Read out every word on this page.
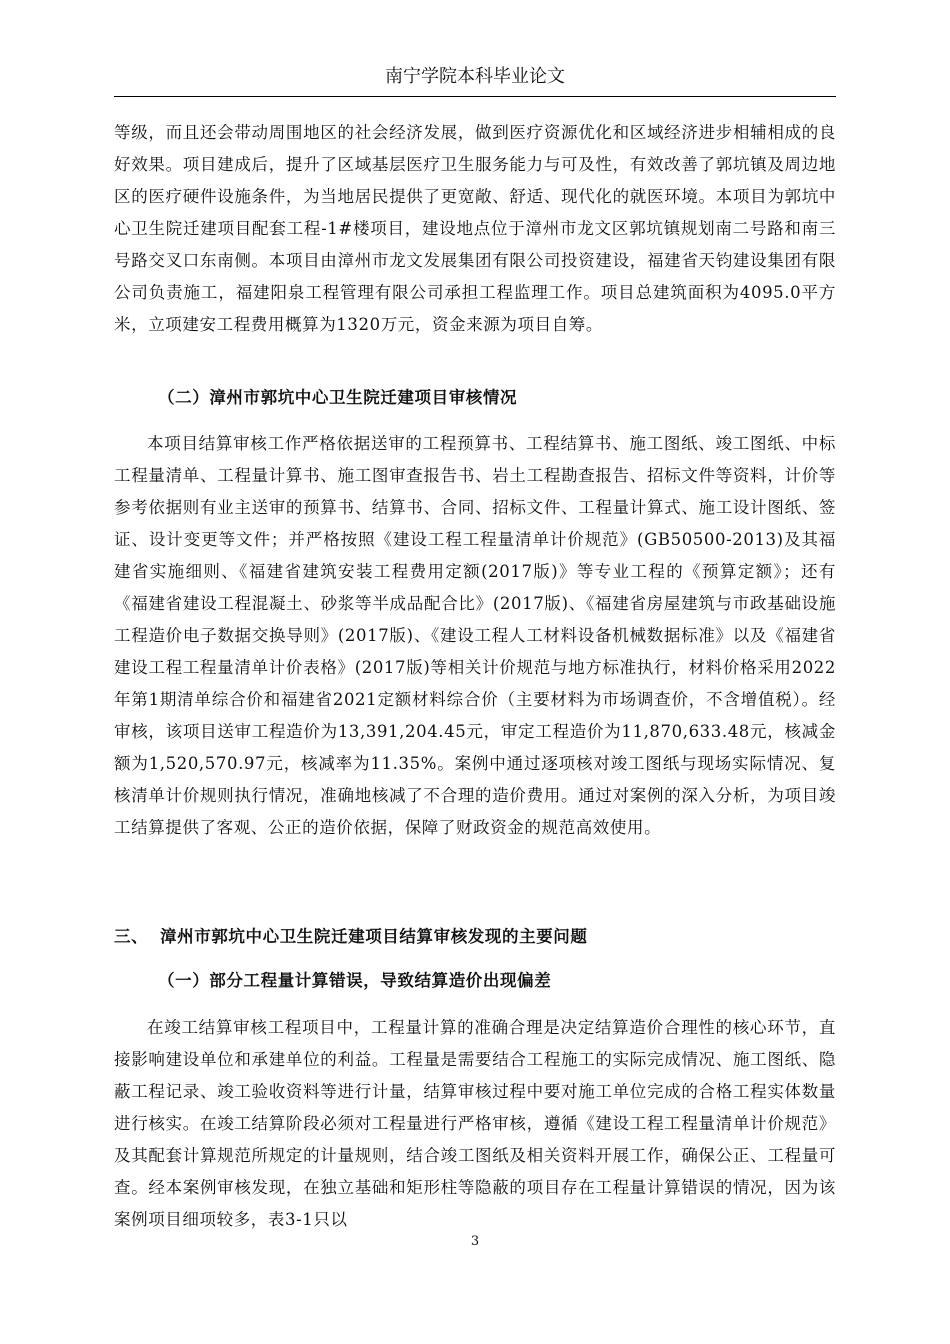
南宁学院本科毕业论文

等级，而且还会带动周围地区的社会经济发展，做到医疗资源优化和区域经济进步相辅相成的良好效果。项目建成后，提升了区域基层医疗卫生服务能力与可及性，有效改善了郭坑镇及周边地区的医疗硬件设施条件，为当地居民提供了更宽敞、舒适、现代化的就医环境。本项目为郭坑中心卫生院迁建项目配套工程-1#楼项目，建设地点位于漳州市龙文区郭坑镇规划南二号路和南三号路交叉口东南侧。本项目由漳州市龙文发展集团有限公司投资建设，福建省天钧建设集团有限公司负责施工，福建阳泉工程管理有限公司承担工程监理工作。项目总建筑面积为4095.0平方米，立项建安工程费用概算为1320万元，资金来源为项目自筹。

（二）漳州市郭坑中心卫生院迁建项目审核情况

本项目结算审核工作严格依据送审的工程预算书、工程结算书、施工图纸、竣工图纸、中标工程量清单、工程量计算书、施工图审查报告书、岩土工程勘查报告、招标文件等资料，计价等参考依据则有业主送审的预算书、结算书、合同、招标文件、工程量计算式、施工设计图纸、签证、设计变更等文件；并严格按照《建设工程工程量清单计价规范》(GB50500-2013)及其福建省实施细则、《福建省建筑安装工程费用定额(2017版)》等专业工程的《预算定额》；还有《福建省建设工程混凝土、砂浆等半成品配合比》(2017版)、《福建省房屋建筑与市政基础设施工程造价电子数据交换导则》(2017版)、《建设工程人工材料设备机械数据标准》以及《福建省建设工程工程量清单计价表格》(2017版)等相关计价规范与地方标准执行，材料价格采用2022年第1期清单综合价和福建省2021定额材料综合价（主要材料为市场调查价，不含增值税）。经审核，该项目送审工程造价为13,391,204.45元，审定工程造价为11,870,633.48元，核减金额为1,520,570.97元，核减率为11.35%。案例中通过逐项核对竣工图纸与现场实际情况、复核清单计价规则执行情况，准确地核减了不合理的造价费用。通过对案例的深入分析，为项目竣工结算提供了客观、公正的造价依据，保障了财政资金的规范高效使用。

三、 漳州市郭坑中心卫生院迁建项目结算审核发现的主要问题
（一）部分工程量计算错误，导致结算造价出现偏差

在竣工结算审核工程项目中，工程量计算的准确合理是决定结算造价合理性的核心环节，直接影响建设单位和承建单位的利益。工程量是需要结合工程施工的实际完成情况、施工图纸、隐蔽工程记录、竣工验收资料等进行计量，结算审核过程中要对施工单位完成的合格工程实体数量进行核实。在竣工结算阶段必须对工程量进行严格审核，遵循《建设工程工程量清单计价规范》及其配套计算规范所规定的计量规则，结合竣工图纸及相关资料开展工作，确保公正、工程量可查。经本案例审核发现，在独立基础和矩形柱等隐蔽的项目存在工程量计算错误的情况，因为该案例项目细项较多，表3-1只以

3
